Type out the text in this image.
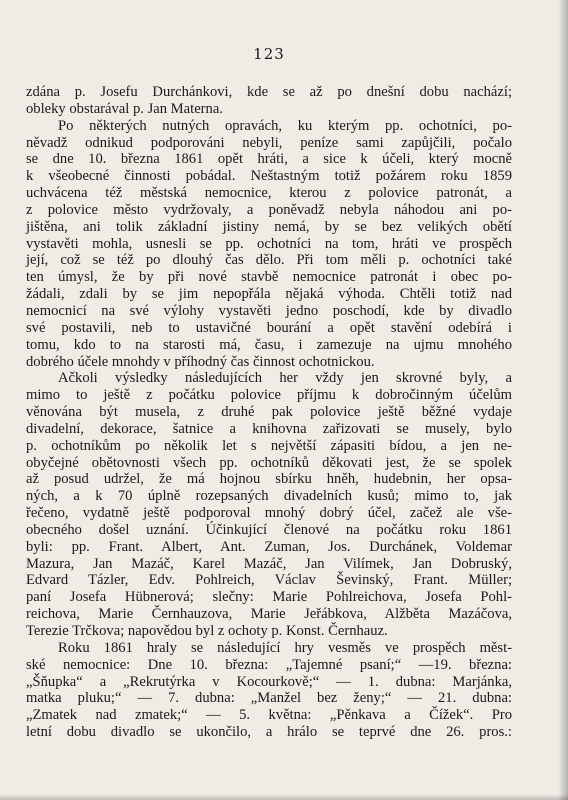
123
zdána p. Josefu Durchánkovi, kde se až po dnešní dobu nachází;
obleky obstarával p. Jan Materna.
Po některých nutných opravách, ku kterým pp. ochotníci, po-
něvadž odnikud podporováni nebyli, peníze sami zapůjčili, počalo
se dne 10. března 1861 opět hráti, a sice k účeli, který mocně
k všeobecné činnosti pobádal. Neštastným totiž požárem roku 1859
uchvácena též městská nemocnice, kterou z polovice patronát, a
z polovice město vydržovaly, a poněvadž nebyla náhodou ani po-
jištěna, ani tolik základní jistiny nemá, by se bez velikých obětí
vystavěti mohla, usnesli se pp. ochotníci na tom, hráti ve prospěch
její, což se též po dlouhý čas dělo. Při tom měli p. ochotníci také
ten úmysl, že by při nové stavbě nemocnice patronát i obec po-
žádali, zdali by se jim nepopřála nějaká výhoda. Chtěli totiž nad
nemocnicí na své výlohy vystavěti jedno poschodí, kde by divadlo
své postavili, neb to ustavičné bourání a opět stavění odebírá i
tomu, kdo to na starosti má, času, i zamezuje na ujmu mnohého
dobrého účele mnohdy v příhodný čas činnost ochotnickou.
Ačkoli výsledky následujících her vždy jen skrovné byly, a
mimo to ještě z počátku polovice příjmu k dobročinným účelům
věnována být musela, z druhé pak polovice ještě běžné vydaje
divadelní, dekorace, šatnice a knihovna zařizovati se musely, bylo
p. ochotníkům po několik let s největší zápasiti bídou, a jen ne-
obyčejné obětovnosti všech pp. ochotníků děkovati jest, že se spolek
až posud udržel, že má hojnou sbírku hněh, hudebnin, her opsa-
ných, a k 70 úplně rozepsaných divadelních kusů; mimo to, jak
řečeno, vydatně ještě podporoval mnohý dobrý účel, začež ale vše-
obecného došel uznání. Účinkující členové na počátku roku 1861
byli: pp. Frant. Albert, Ant. Zuman, Jos. Durchánek, Voldemar
Mazura, Jan Mazáč, Karel Mazáč, Jan Vilímek, Jan Dobruský,
Edvard Tázler, Edv. Pohlreich, Václav Ševinský, Frant. Müller;
paní Josefa Hübnerová; slečny: Marie Pohlreichova, Josefa Pohl-
reichova, Marie Černhauzova, Marie Jeřábkova, Alžběta Mazáčova,
Terezie Trčkova; napovědou byl z ochoty p. Konst. Černhauz.
Roku 1861 hraly se následující hry vesměs ve prospěch měst-
ské nemocnice: Dne 10. března: „Tajemné psaní;“ —19. března:
„Šňupka“ a „Rekrutýrka v Kocourkově;“ — 1. dubna: Marjánka,
matka pluku;“ — 7. dubna: „Manžel bez ženy;“ — 21. dubna:
„Zmatek nad zmatek;“ — 5. května: „Pěnkava a Čížek“. Pro
letní dobu divadlo se ukončilo, a hrálo se teprvé dne 26. pros.:
